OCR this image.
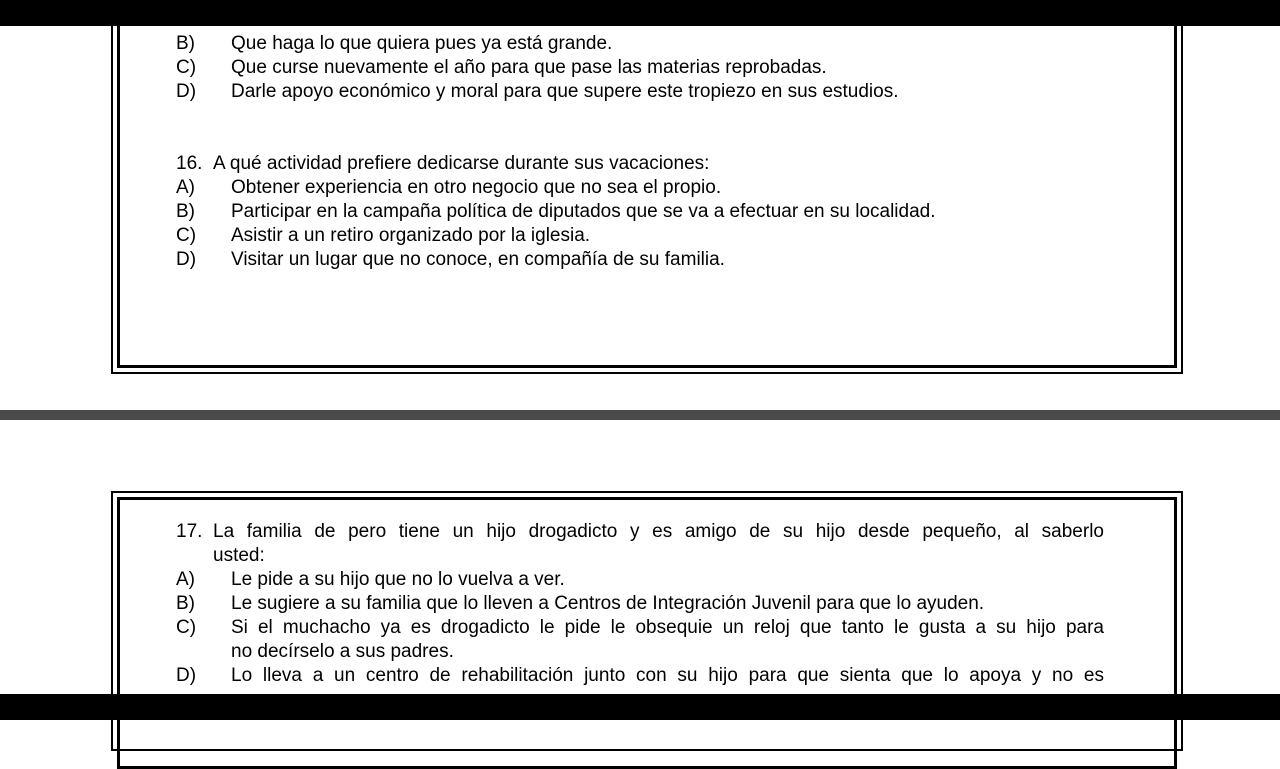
B) Que haga lo que quiera pues ya está grande.
C) Que curse nuevamente el año para que pase las materias reprobadas.
D) Darle apoyo económico y moral para que supere este tropiezo en sus estudios.
16. A qué actividad prefiere dedicarse durante sus vacaciones:
A) Obtener experiencia en otro negocio que no sea el propio.
B) Participar en la campaña política de diputados que se va a efectuar en su localidad.
C) Asistir a un retiro organizado por la iglesia.
D) Visitar un lugar que no conoce, en compañía de su familia.
17. La familia de pero tiene un hijo drogadicto y es amigo de su hijo desde pequeño, al saberlo
usted:
A) Le pide a su hijo que no lo vuelva a ver.
B) Le sugiere a su familia que lo lleven a Centros de Integración Juvenil para que lo ayuden.
C) Si el muchacho ya es drogadicto le pide le obsequie un reloj que tanto le gusta a su hijo para
no decírselo a sus padres.
D) Lo lleva a un centro de rehabilitación junto con su hijo para que sienta que lo apoya y no es
